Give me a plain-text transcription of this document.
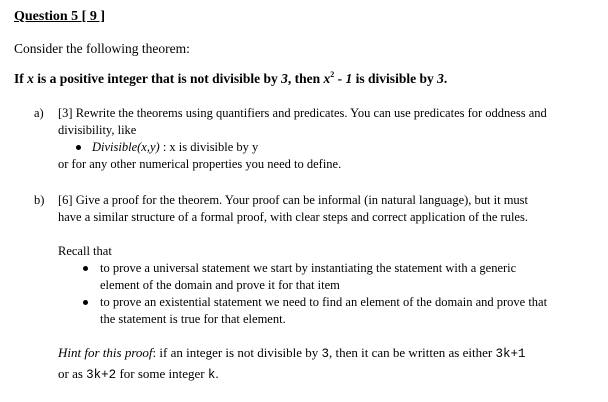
Question 5 [ 9 ]
Consider the following theorem:
If x is a positive integer that is not divisible by 3, then $x^2 - 1$ is divisible by 3.
a) [3] Rewrite the theorems using quantifiers and predicates. You can use predicates for oddness and
divisibility, like
Divisible(x,y) : x is divisible by y
or for any other numerical properties you need to define.
b) [6] Give a proof for the theorem. Your proof can be informal (in natural language), but it must
have a similar structure of a formal proof, with clear steps and correct application of the rules.
Recall that
to prove a universal statement we start by instantiating the statement with a generic
element of the domain and prove it for that item
to prove an existential statement we need to find an element of the domain and prove that
the statement is true for that element.
Hint for this proof: if an integer is not divisible by 3, then it can be written as either 3k+1
or as 3k+2 for some integer k.
